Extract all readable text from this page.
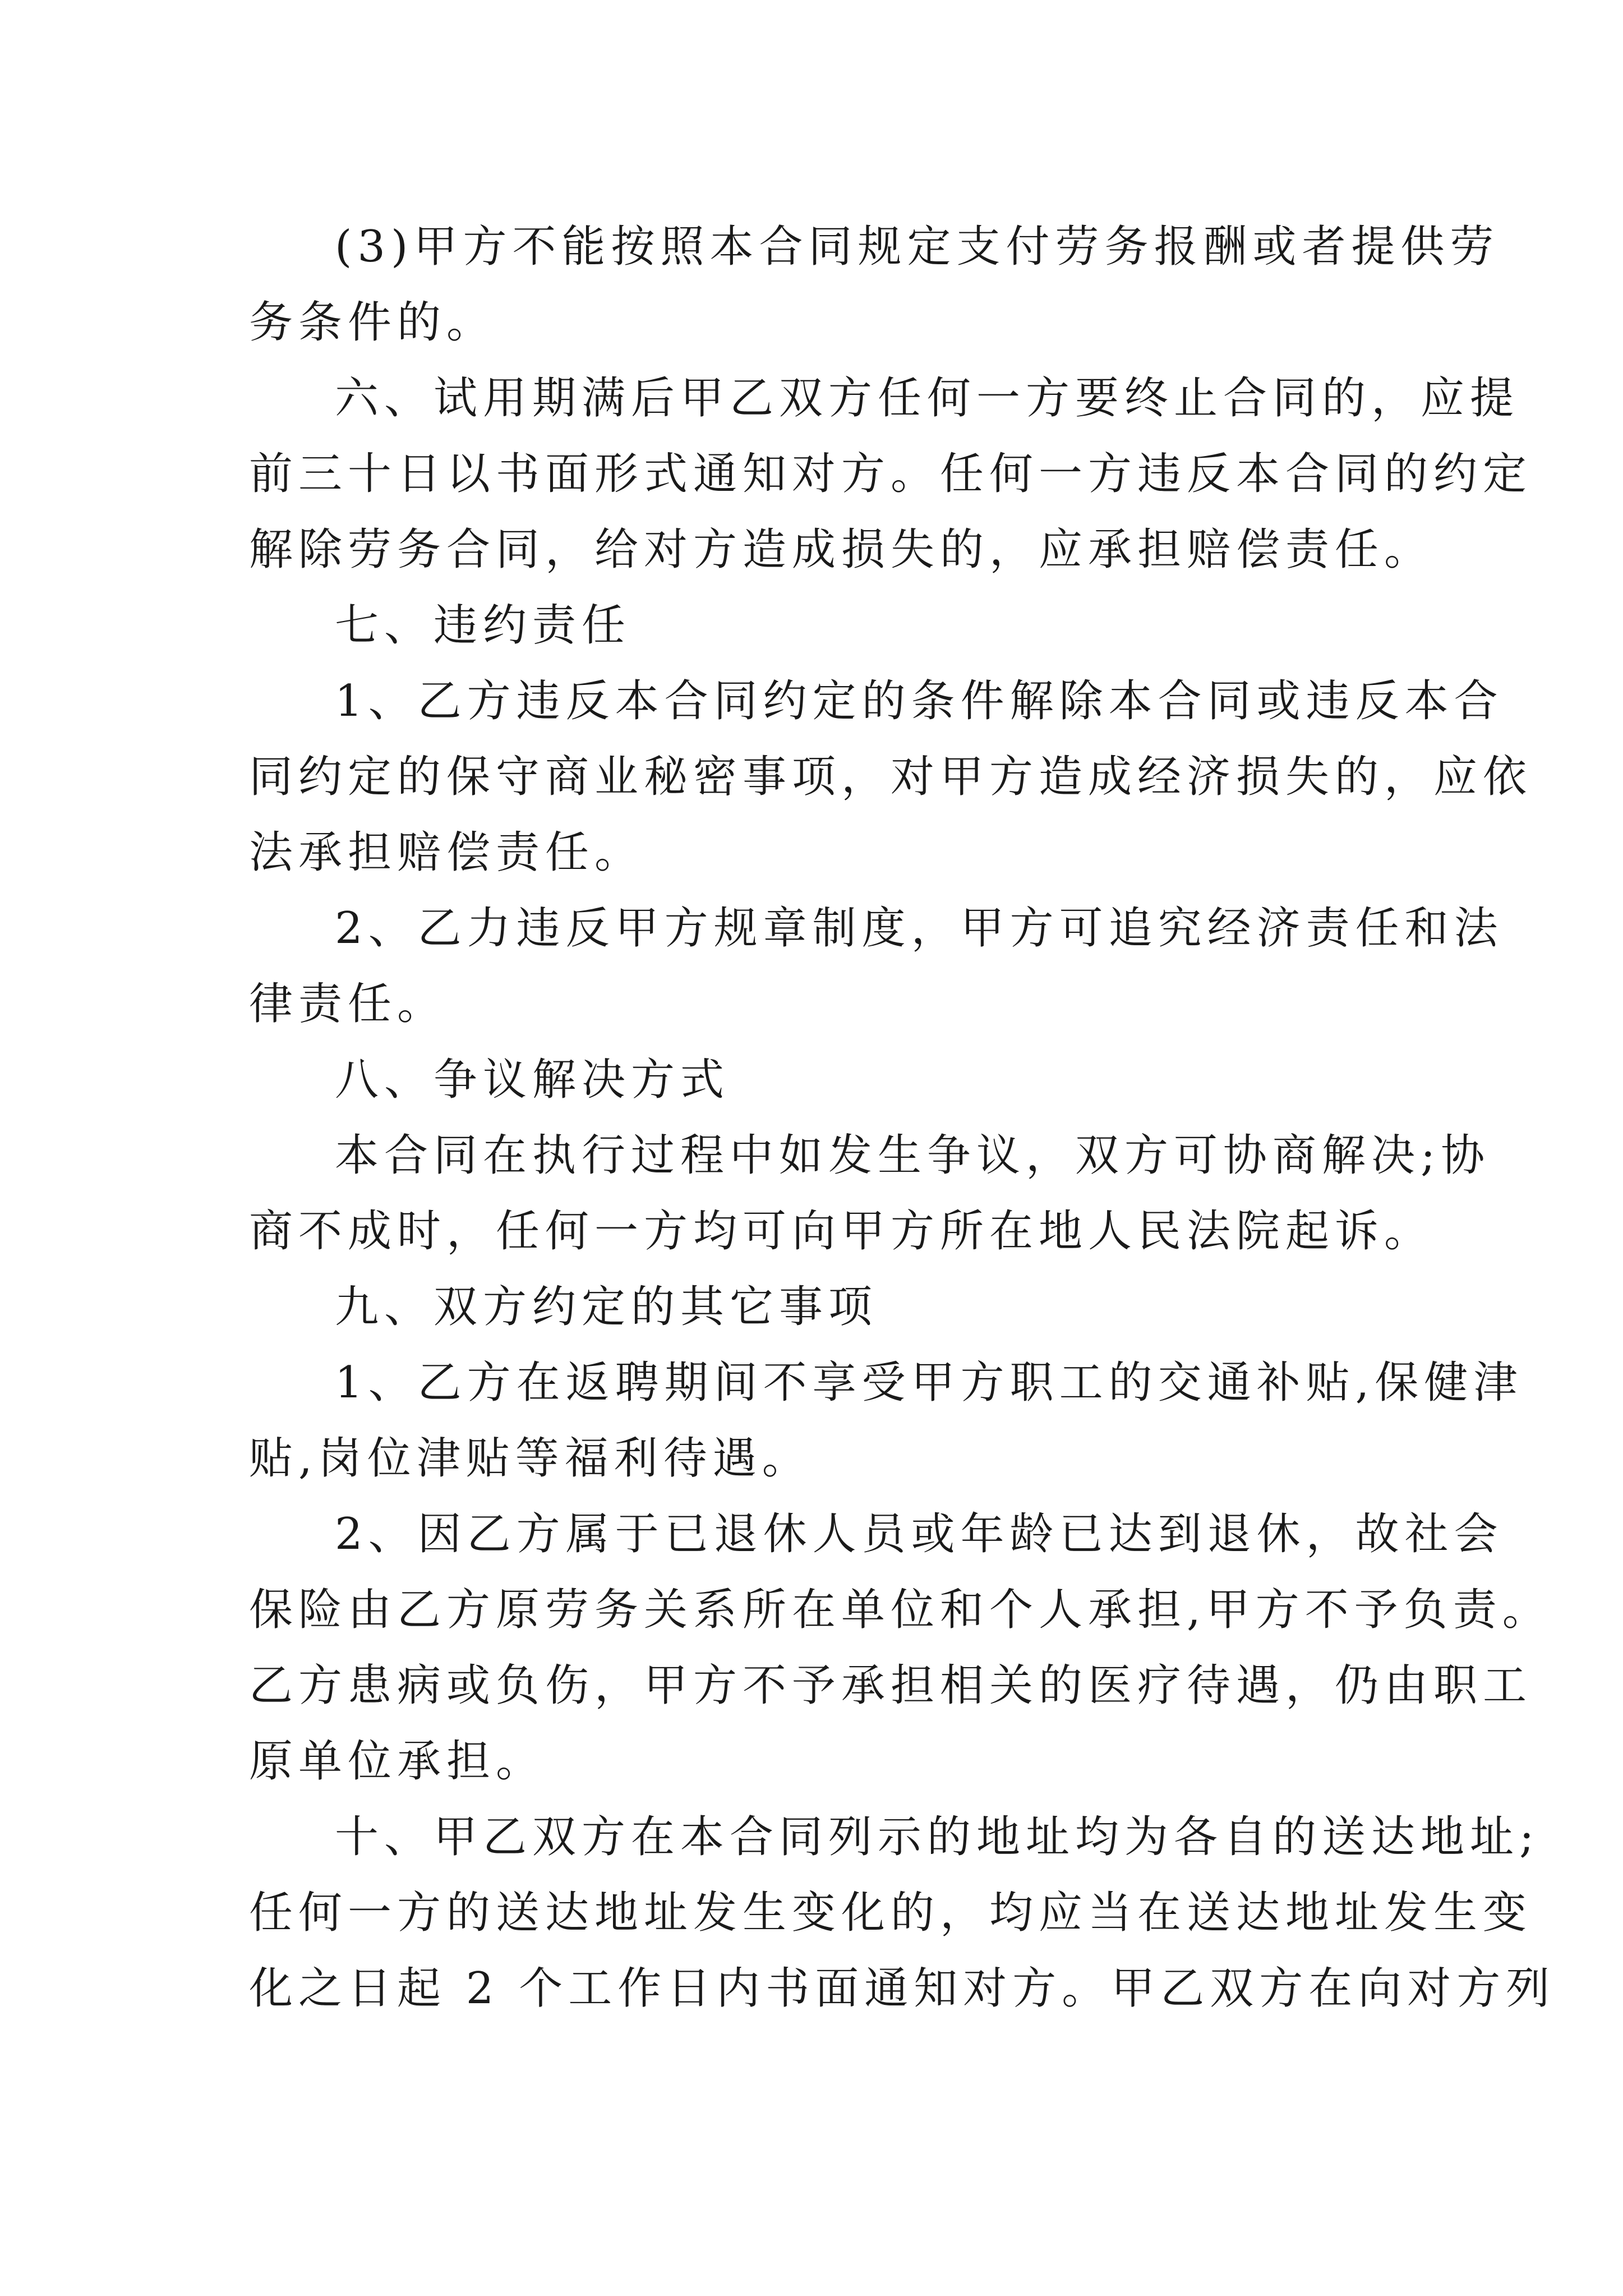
(3)甲方不能按照本合同规定支付劳务报酬或者提供劳
务条件的。
六、试用期满后甲乙双方任何一方要终止合同的，应提
前三十日以书面形式通知对方。任何一方违反本合同的约定
解除劳务合同，给对方造成损失的，应承担赔偿责任。
七、违约责任
1、乙方违反本合同约定的条件解除本合同或违反本合
同约定的保守商业秘密事项，对甲方造成经济损失的，应依
法承担赔偿责任。
2、乙力违反甲方规章制度，甲方可追究经济责任和法
律责任。
八、争议解决方式
本合同在执行过程中如发生争议，双方可协商解决;协
商不成时，任何一方均可向甲方所在地人民法院起诉。
九、双方约定的其它事项
1、乙方在返聘期间不享受甲方职工的交通补贴,保健津
贴,岗位津贴等福利待遇。
2、因乙方属于已退休人员或年龄已达到退休，故社会
保险由乙方原劳务关系所在单位和个人承担,甲方不予负责。
乙方患病或负伤，甲方不予承担相关的医疗待遇，仍由职工
原单位承担。
十、甲乙双方在本合同列示的地址均为各自的送达地址;
任何一方的送达地址发生变化的，均应当在送达地址发生变
化之日起 2 个工作日内书面通知对方。甲乙双方在向对方列
